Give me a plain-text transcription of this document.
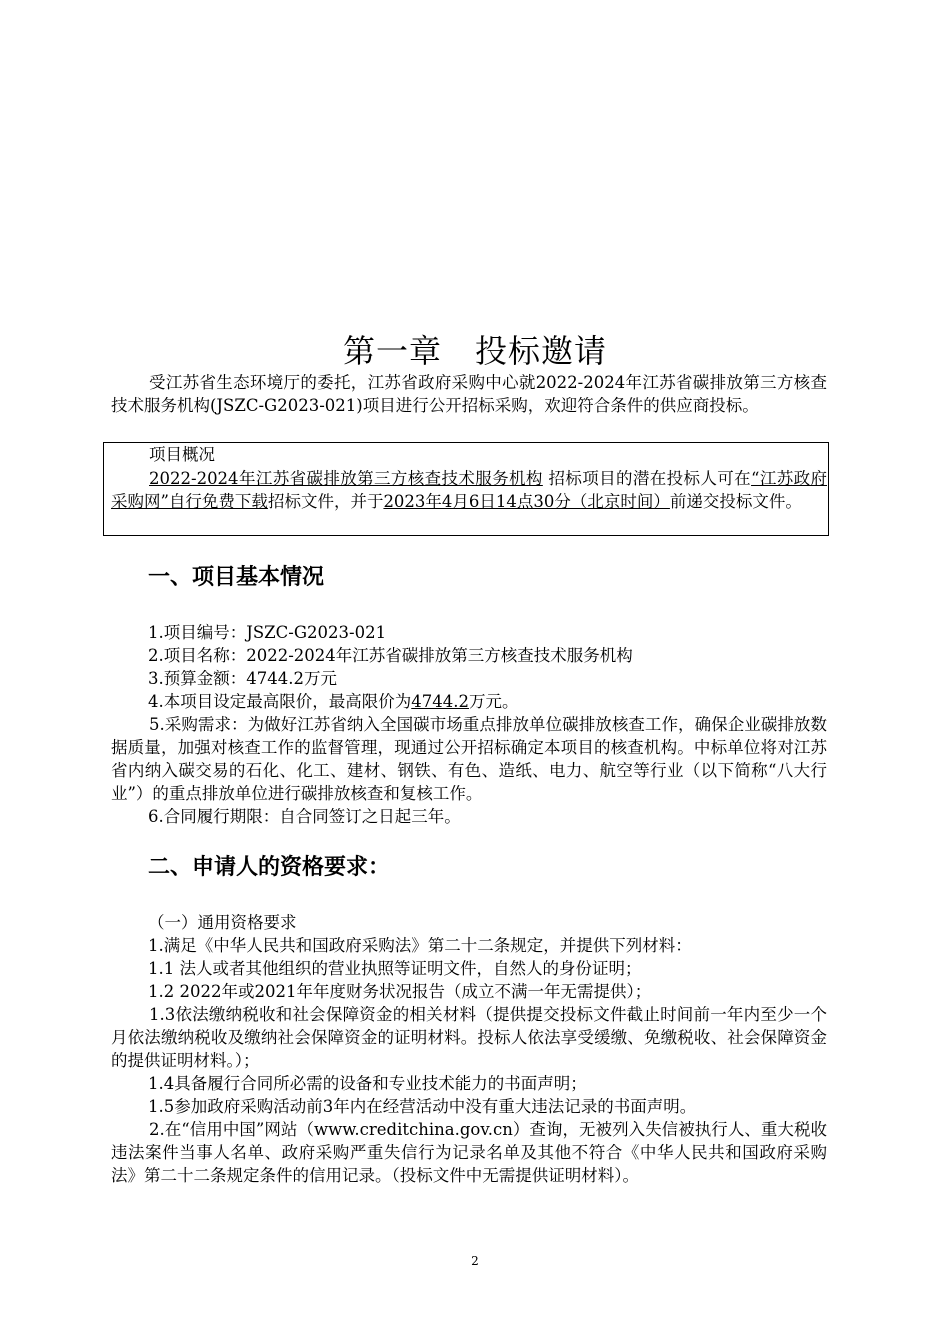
第一章　投标邀请
受江苏省生态环境厅的委托，江苏省政府采购中心就2022-2024年江苏省碳排放第三方核查技术服务机构(JSZC-G2023-021)项目进行公开招标采购，欢迎符合条件的供应商投标。
项目概况
2022-2024年江苏省碳排放第三方核查技术服务机构 招标项目的潜在投标人可在“江苏政府采购网”自行免费下载招标文件，并于2023年4月6日14点30分（北京时间）前递交投标文件。
一、项目基本情况
1.项目编号：JSZC-G2023-021
2.项目名称：2022-2024年江苏省碳排放第三方核查技术服务机构
3.预算金额：4744.2万元
4.本项目设定最高限价，最高限价为4744.2万元。
5.采购需求：为做好江苏省纳入全国碳市场重点排放单位碳排放核查工作，确保企业碳排放数据质量，加强对核查工作的监督管理，现通过公开招标确定本项目的核查机构。中标单位将对江苏省内纳入碳交易的石化、化工、建材、钢铁、有色、造纸、电力、航空等行业（以下简称“八大行业”）的重点排放单位进行碳排放核查和复核工作。
6.合同履行期限：自合同签订之日起三年。
二、申请人的资格要求：
（一）通用资格要求
1.满足《中华人民共和国政府采购法》第二十二条规定，并提供下列材料：
1.1 法人或者其他组织的营业执照等证明文件，自然人的身份证明；
1.2 2022年或2021年年度财务状况报告（成立不满一年无需提供）；
1.3依法缴纳税收和社会保障资金的相关材料（提供提交投标文件截止时间前一年内至少一个月依法缴纳税收及缴纳社会保障资金的证明材料。投标人依法享受缓缴、免缴税收、社会保障资金的提供证明材料。）；
1.4具备履行合同所必需的设备和专业技术能力的书面声明；
1.5参加政府采购活动前3年内在经营活动中没有重大违法记录的书面声明。
2.在“信用中国”网站（www.creditchina.gov.cn）查询，无被列入失信被执行人、重大税收违法案件当事人名单、政府采购严重失信行为记录名单及其他不符合《中华人民共和国政府采购法》第二十二条规定条件的信用记录。（投标文件中无需提供证明材料）。
2
